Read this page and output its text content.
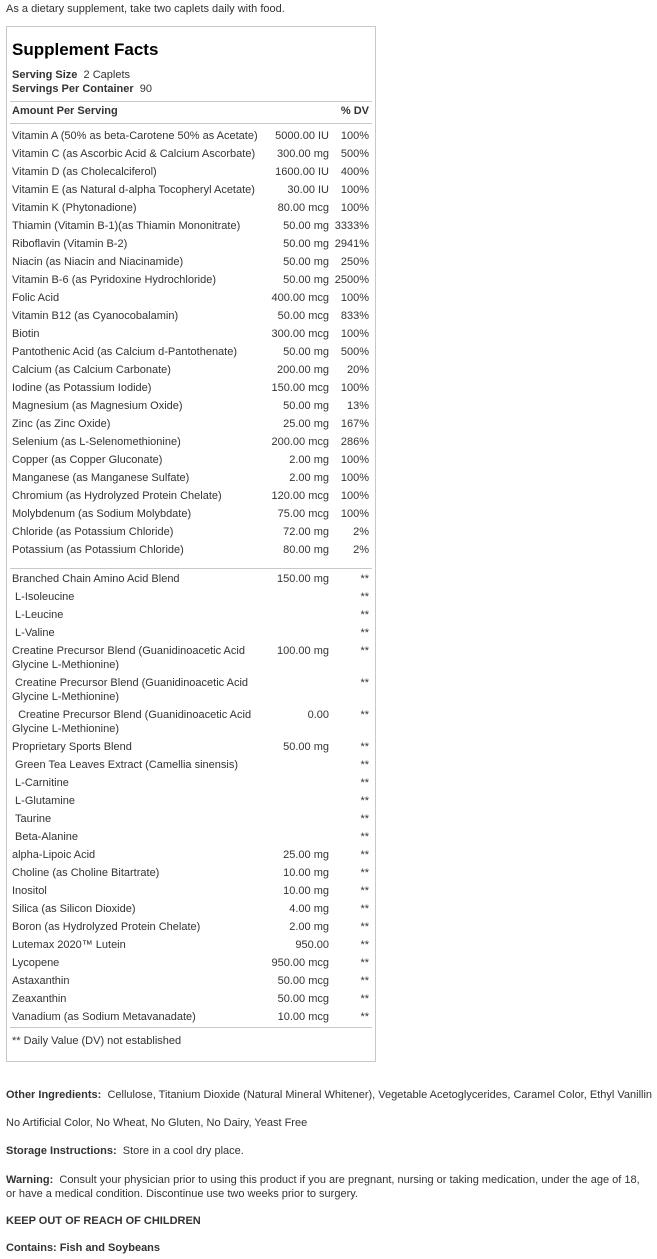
As a dietary supplement, take two caplets daily with food.
Supplement Facts
Serving Size 2 Caplets
Servings Per Container 90
Amount Per Serving	% DV
Vitamin A (50% as beta-Carotene 50% as Acetate)	5000.00 IU 100%
Vitamin C (as Ascorbic Acid & Calcium Ascorbate)	300.00 mg 500%
Vitamin D (as Cholecalciferol)	1600.00 IU 400%
Vitamin E (as Natural d-alpha Tocopheryl Acetate)	30.00 IU 100%
Vitamin K (Phytonadione)	80.00 mcg 100%
Thiamin (Vitamin B-1)(as Thiamin Mononitrate)	50.00 mg 3333%
Riboflavin (Vitamin B-2)	50.00 mg 2941%
Niacin (as Niacin and Niacinamide)	50.00 mg 250%
Vitamin B-6 (as Pyridoxine Hydrochloride)	50.00 mg 2500%
Folic Acid	400.00 mcg 100%
Vitamin B12 (as Cyanocobalamin)	50.00 mcg 833%
Biotin	300.00 mcg 100%
Pantothenic Acid (as Calcium d-Pantothenate)	50.00 mg 500%
Calcium (as Calcium Carbonate)	200.00 mg 20%
Iodine (as Potassium Iodide)	150.00 mcg 100%
Magnesium (as Magnesium Oxide)	50.00 mg 13%
Zinc (as Zinc Oxide)	25.00 mg 167%
Selenium (as L-Selenomethionine)	200.00 mcg 286%
Copper (as Copper Gluconate)	2.00 mg 100%
Manganese (as Manganese Sulfate)	2.00 mg 100%
Chromium (as Hydrolyzed Protein Chelate)	120.00 mcg 100%
Molybdenum (as Sodium Molybdate)	75.00 mcg 100%
Chloride (as Potassium Chloride)	72.00 mg 2%
Potassium (as Potassium Chloride)	80.00 mg 2%
Branched Chain Amino Acid Blend	150.00 mg	**
L-Isoleucine	**
L-Leucine	**
L-Valine	**
Creatine Precursor Blend (Guanidinoacetic Acid Glycine L-Methionine)
100.00 mg	**
Creatine Precursor Blend (Guanidinoacetic Acid Glycine L-Methionine)
**
Creatine Precursor Blend (Guanidinoacetic Acid Glycine L-Methionine)
0.00	**
Proprietary Sports Blend	50.00 mg	**
Green Tea Leaves Extract (Camellia sinensis)	**
L-Carnitine	**
L-Glutamine	**
Taurine	**
Beta-Alanine	**
alpha-Lipoic Acid	25.00 mg	**
Choline (as Choline Bitartrate)	10.00 mg	**
Inositol	10.00 mg	**
Silica (as Silicon Dioxide)	4.00 mg	**
Boron (as Hydrolyzed Protein Chelate)	2.00 mg	**
Lutemax 2020™ Lutein	950.00	**
Lycopene	950.00 mcg	**
Astaxanthin	50.00 mcg	**
Zeaxanthin	50.00 mcg	**
Vanadium (as Sodium Metavanadate)	10.00 mcg	**
** Daily Value (DV) not established
Other Ingredients: Cellulose, Titanium Dioxide (Natural Mineral Whitener), Vegetable Acetoglycerides, Caramel Color, Ethyl Vanillin
No Artificial Color, No Wheat, No Gluten, No Dairy, Yeast Free
Storage Instructions: Store in a cool dry place.
Warning: Consult your physician prior to using this product if you are pregnant, nursing or taking medication, under the age of 18, or have a medical condition. Discontinue use two weeks prior to surgery.
KEEP OUT OF REACH OF CHILDREN
Contains: Fish and Soybeans
